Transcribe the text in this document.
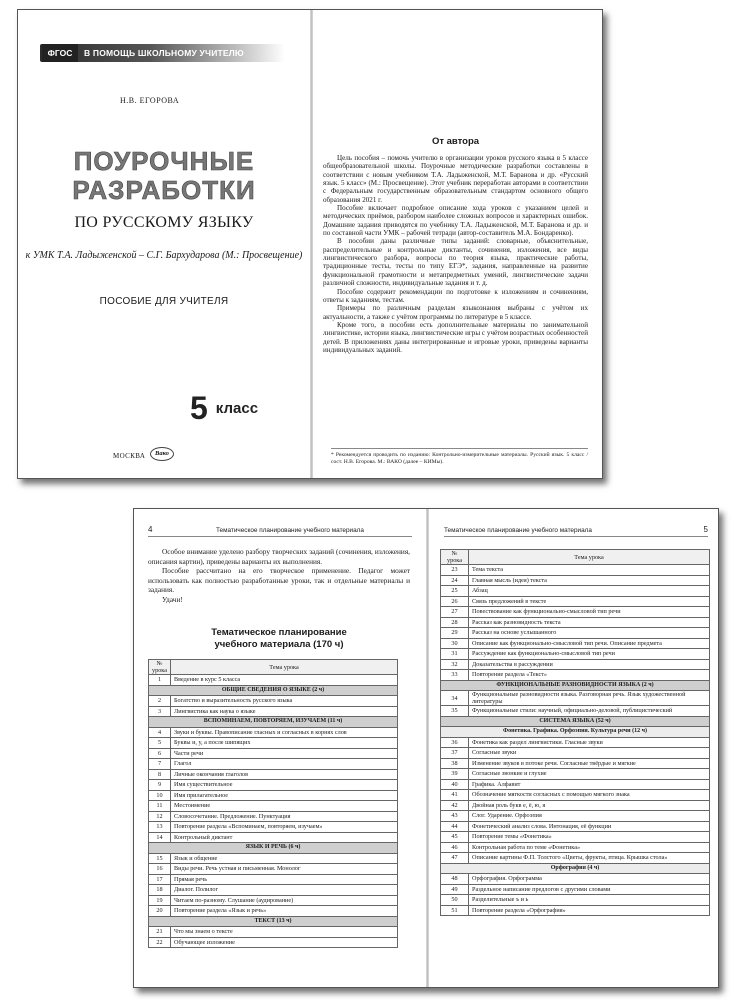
ФГОС	В ПОМОЩЬ ШКОЛЬНОМУ УЧИТЕЛЮ
Н.В. ЕГОРОВА
ПОУРОЧНЫЕ
РАЗРАБОТКИ
ПО РУССКОМУ ЯЗЫКУ
к УМК Т.А. Ладыженской – С.Г. Бархударова (М.: Просвещение)
ПОСОБИЕ ДЛЯ УЧИТЕЛЯ
5 класс
МОСКВА	Вако
От автора

Цель пособия – помочь учителю в организации уроков русского языка в 5 классе общеобразовательной школы. Поурочные методические разработки составлены в соответствии с новым учебником Т.А. Ладыженской, М.Т. Баранова и др. «Русский язык. 5 класс» (М.: Просвещение). Этот учебник переработан авторами в соответствии с Федеральным государственным образовательным стандартом основного общего образования 2021 г.

Пособие включает подробное описание хода уроков с указанием целей и методических приёмов, разбором наиболее сложных вопросов и характерных ошибок. Домашние задания приводятся по учебнику Т.А. Ладыженской, М.Т. Баранова и др. и по составной части УМК – рабочей тетради (автор-составитель М.А. Бондаренко).

В пособии даны различные типы заданий: словарные, объяснительные, распределительные и контрольные диктанты, сочинения, изложения, все виды лингвистического разбора, вопросы по теория языка, практические работы, традиционные тесты, тесты по типу ЕГЭ*, задания, направленные на развитие функциональной грамотности и метапредметных умений, лингвистические задачи различной сложности, индивидуальные задания и т. д.

Пособие содержит рекомендации по подготовке к изложениям и сочинениям, ответы к заданиям, тестам.

Примеры по различным разделам языкознания выбраны с учётом их актуальности, а также с учётом программы по литературе в 5 классе.

Кроме того, в пособии есть дополнительные материалы по занимательной лингвистике, истории языка, лингвистические игры с учётом возрастных особенностей детей. В приложениях даны интегрированные и игровые уроки, приведены варианты индивидуальных заданий.

* Рекомендуется проводить по изданию: Контрольно-измерительные материалы. Русский язык. 5 класс / сост. Н.В. Егорова. М.: ВАКО (далее – КИМы).

4	Тематическое планирование учебного материала

Особое внимание уделено разбору творческих заданий (сочинения, изложения, описания картин), приведены варианты их выполнения.

Пособие рассчитано на его творческое применение. Педагог может использовать как полностью разработанные уроки, так и отдельные материалы и задания.

Удачи!

Тематическое планирование
учебного материала (170 ч)
№ урока	Тема урока
1	Введение в курс 5 класса
ОБЩИЕ СВЕДЕНИЯ О ЯЗЫКЕ (2 ч)	
2	Богатство и выразительность русского языка
3	Лингвистика как наука о языке
ВСПОМИНАЕМ, ПОВТОРЯЕМ, ИЗУЧАЕМ (11 ч)	
4	Звуки и буквы. Правописание гласных и согласных в корнях слов
5	Буквы и, у, а после шипящих
6	Части речи
7	Глагол
8	Личные окончания глаголов
9	Имя существительное
10	Имя прилагательное
11	Местоимение
12	Словосочетание. Предложение. Пунктуация
13	Повторение раздела «Вспоминаем, повторяем, изучаем»
14	Контрольный диктант
ЯЗЫК И РЕЧЬ (6 ч)	
15	Язык и общение
16	Виды речи. Речь устная и письменная. Монолог
17	Прямая речь
18	Диалог. Полилог
19	Читаем по-разному. Слушание (аудирование)
20	Повторение раздела «Язык и речь»
ТЕКСТ (13 ч)	
21	Что мы знаем о тексте
22	Обучающее изложение
Тематическое планирование учебного материала	5
№ урока	Тема урока
23	Тема текста
24	Главная мысль (идея) текста
25	Абзац
26	Связь предложений в тексте
27	Повествование как функционально-смысловой тип речи
28	Рассказ как разновидность текста
29	Рассказ на основе услышанного
30	Описание как функционально-смысловой тип речи. Описание предмета
31	Рассуждение как функционально-смысловой тип речи
32	Доказательства в рассуждении
33	Повторение раздела «Текст»
ФУНКЦИОНАЛЬНЫЕ РАЗНОВИДНОСТИ ЯЗЫКА (2 ч)	
34	Функциональные разновидности языка. Разговорная речь. Язык художественной литературы
35	Функциональные стили: научный, официально-деловой, публицистический
СИСТЕМА ЯЗЫКА (52 ч)	
Фонетика. Графика. Орфоэпия. Культура речи (12 ч)	
36	Фонетика как раздел лингвистики. Гласные звуки
37	Согласные звуки
38	Изменение звуков в потоке речи. Согласные твёрдые и мягкие
39	Согласные звонкие и глухие
40	Графика. Алфавит
41	Обозначение мягкости согласных с помощью мягкого знака
42	Двойная роль букв е, ё, ю, я
43	Слог. Ударение. Орфоэпия
44	Фонетический анализ слова. Интонация, её функции
45	Повторение темы «Фонетика»
46	Контрольная работа по теме «Фонетика»
47	Описание картины Ф.П. Толстого «Цветы, фрукты, птица. Крышка стола»
Орфография (4 ч)	
48	Орфография. Орфограмма
49	Раздельное написание предлогов с другими словами
50	Разделительные ъ и ь
51	Повторение раздела «Орфография»
